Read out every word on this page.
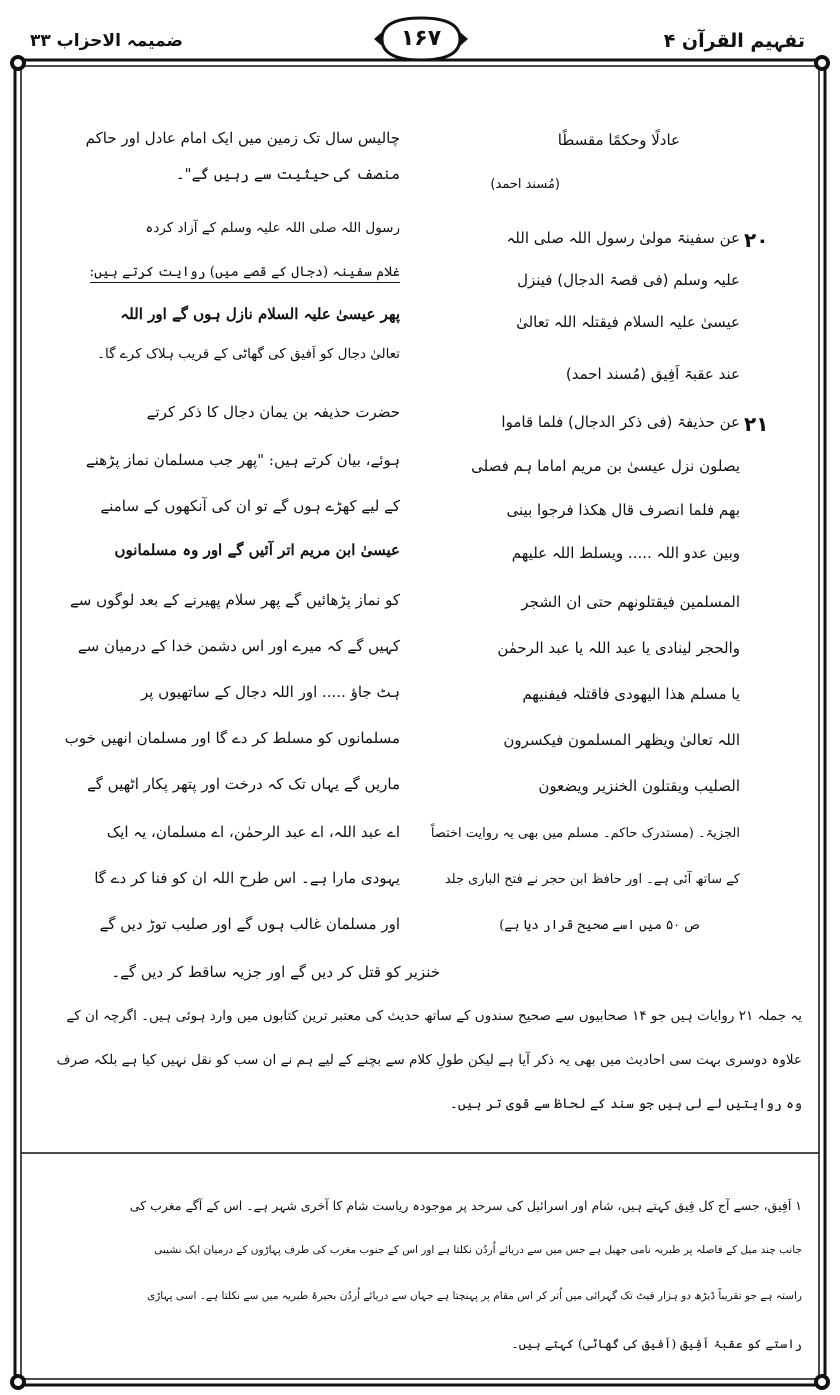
ضمیمہ الاحزاب ۳۳	۱۶۷	تفہیم القرآن ۴
۲۰
۲۱
عادلًا وحکمًا مقسطًا
(مُسند احمد)
عن سفینۃ مولیٰ رسول اللہ صلی اللہ
علیہ وسلم (فی قصۃ الدجال) فینزل
عیسیٰ علیہ السلام فیقتلہ اللہ تعالیٰ
عند عقبۃ اَفِیق (مُسند احمد)
عن حذیفۃ (فی ذکر الدجال) فلما قاموا
یصلون نزل عیسیٰ بن مریم اماما ہم فصلی
بھم فلما انصرف قال ھکذا فرجوا بینی
وبین عدو اللہ ..... ویسلط اللہ علیھم
المسلمین فیقتلونھم حتی ان الشجر
والحجر لینادی یا عبد اللہ یا عبد الرحمٰن
یا مسلم ھذا الیھودی فاقتلہ فیفنیھم
اللہ تعالیٰ ویظھر المسلمون فیکسرون
الصلیب ویقتلون الخنزیر ویضعون
الجزیۃ۔ (مستدرک حاکم۔ مسلم میں بھی یہ روایت اختصاً
کے ساتھ آئی ہے۔ اور حافظ ابن حجر نے فتح الباری جلد
ص ۵۰ میں اسے صحیح قرار دیا ہے)
چالیس سال تک زمین میں ایک امام عادل اور حاکم
منصف کی حیثیت سے رہیں گے"۔
رسول اللہ صلی اللہ علیہ وسلم کے آزاد کردہ
غلام سفینہ (دجال کے قصے میں) روایت کرتے ہیں:
پھر عیسیٰ علیہ السلام نازل ہوں گے اور اللہ
تعالیٰ دجال کو اَفیق کی گھاٹی کے قریب ہلاک کرے گا۔
حضرت حذیفہ بن یمان دجال کا ذکر کرتے
ہوئے، بیان کرتے ہیں: "پھر جب مسلمان نماز پڑھنے
کے لیے کھڑے ہوں گے تو ان کی آنکھوں کے سامنے
عیسیٰ ابن مریم اتر آئیں گے اور وہ مسلمانوں
کو نماز پڑھائیں گے پھر سلام پھیرنے کے بعد لوگوں سے
کہیں گے کہ میرے اور اس دشمن خدا کے درمیان سے
ہٹ جاؤ ..... اور اللہ دجال کے ساتھیوں پر
مسلمانوں کو مسلط کر دے گا اور مسلمان انھیں خوب
ماریں گے یہاں تک کہ درخت اور پتھر پکار اٹھیں گے
اے عبد اللہ، اے عبد الرحمٰن، اے مسلمان، یہ ایک
یہودی مارا ہے۔ اس طرح اللہ ان کو فنا کر دے گا
اور مسلمان غالب ہوں گے اور صلیب توڑ دیں گے
خنزیر کو قتل کر دیں گے اور جزیہ ساقط کر دیں گے۔
یہ جملہ ۲۱ روایات ہیں جو ۱۴ صحابیوں سے صحیح سندوں کے ساتھ حدیث کی معتبر ترین کتابوں میں وارد ہوئی ہیں۔ اگرچہ ان کے
علاوہ دوسری بہت سی احادیث میں بھی یہ ذکر آیا ہے لیکن طولِ کلام سے بچنے کے لیے ہم نے ان سب کو نقل نہیں کیا ہے بلکہ صرف
وہ روایتیں لے لی ہیں جو سند کے لحاظ سے قوی تر ہیں۔
۱ اَفِیق، جسے آج کل فِیق کہتے ہیں، شام اور اسرائیل کی سرحد پر موجودہ ریاست شام کا آخری شہر ہے۔ اس کے آگے مغرب کی
جانب چند میل کے فاصلہ پر طبریہ نامی جھیل ہے جس میں سے دریائے اُردُن نکلتا ہے اور اس کے جنوب مغرب کی طرف پہاڑوں کے درمیان ایک نشیبی
راستہ ہے جو تقریباً ڈیڑھ دو ہزار فیٹ تک گہرائی میں اُتر کر اس مقام پر پہنچتا ہے جہاں سے دریائے اُردُن بحیرۂ طبریہ میں سے نکلتا ہے۔ اسی پہاڑی
راستے کو عقبۂ اَفِیق (اَفیق کی گھاٹی) کہتے ہیں۔
